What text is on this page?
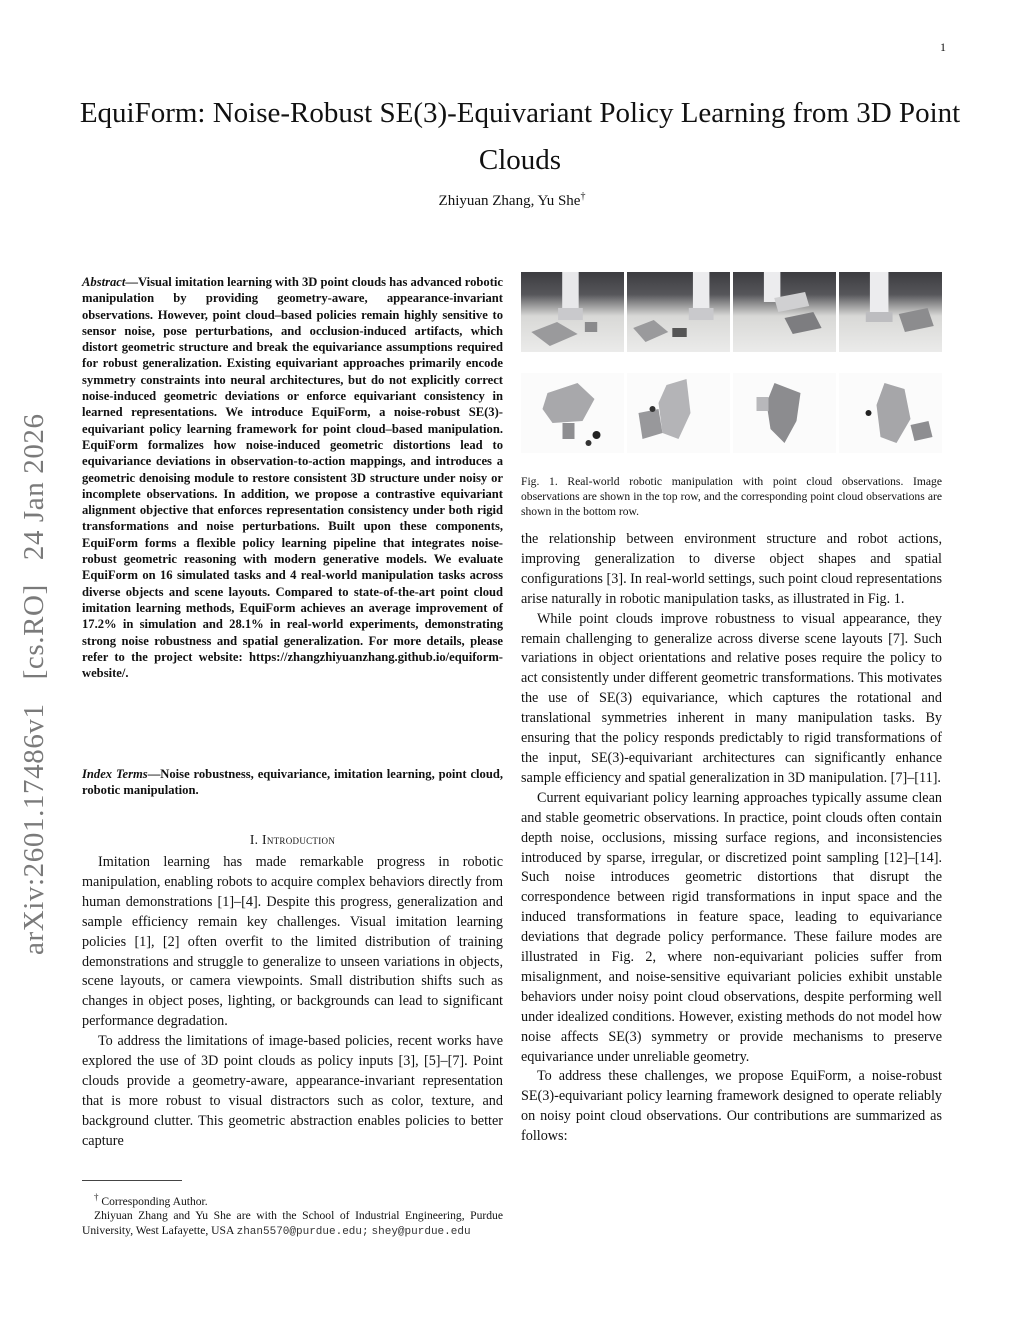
1
arXiv:2601.17486v1
[cs.RO]
24 Jan 2026
EquiForm: Noise-Robust SE(3)-Equivariant Policy Learning from 3D Point Clouds
Zhiyuan Zhang, Yu She†
Abstract—Visual imitation learning with 3D point clouds has advanced robotic manipulation by providing geometry-aware, appearance-invariant observations. However, point cloud–based policies remain highly sensitive to sensor noise, pose perturbations, and occlusion-induced artifacts, which distort geometric structure and break the equivariance assumptions required for robust generalization. Existing equivariant approaches primarily encode symmetry constraints into neural architectures, but do not explicitly correct noise-induced geometric deviations or enforce equivariant consistency in learned representations. We introduce EquiForm, a noise-robust SE(3)-equivariant policy learning framework for point cloud–based manipulation. EquiForm formalizes how noise-induced geometric distortions lead to equivariance deviations in observation-to-action mappings, and introduces a geometric denoising module to restore consistent 3D structure under noisy or incomplete observations. In addition, we propose a contrastive equivariant alignment objective that enforces representation consistency under both rigid transformations and noise perturbations. Built upon these components, EquiForm forms a flexible policy learning pipeline that integrates noise-robust geometric reasoning with modern generative models. We evaluate EquiForm on 16 simulated tasks and 4 real-world manipulation tasks across diverse objects and scene layouts. Compared to state-of-the-art point cloud imitation learning methods, EquiForm achieves an average improvement of 17.2% in simulation and 28.1% in real-world experiments, demonstrating strong noise robustness and spatial generalization. For more details, please refer to the project website: https://zhangzhiyuanzhang.github.io/equiform-website/.
Index Terms—Noise robustness, equivariance, imitation learning, point cloud, robotic manipulation.
I. Introduction

Imitation learning has made remarkable progress in robotic manipulation, enabling robots to acquire complex behaviors directly from human demonstrations [1]–[4]. Despite this progress, generalization and sample efficiency remain key challenges. Visual imitation learning policies [1], [2] often overfit to the limited distribution of training demonstrations and struggle to generalize to unseen variations in objects, scene layouts, or camera viewpoints. Small distribution shifts such as changes in object poses, lighting, or backgrounds can lead to significant performance degradation.

To address the limitations of image-based policies, recent works have explored the use of 3D point clouds as policy inputs [3], [5]–[7]. Point clouds provide a geometry-aware, appearance-invariant representation that is more robust to visual distractors such as color, texture, and background clutter. This geometric abstraction enables policies to better capture

† Corresponding Author.
Zhiyuan Zhang and Yu She are with the School of Industrial Engineering, Purdue University, West Lafayette, USA zhan5570@purdue.edu; shey@purdue.edu
Fig. 1. Real-world robotic manipulation with point cloud observations. Image observations are shown in the top row, and the corresponding point cloud observations are shown in the bottom row.

the relationship between environment structure and robot actions, improving generalization to diverse object shapes and spatial configurations [3]. In real-world settings, such point cloud representations arise naturally in robotic manipulation tasks, as illustrated in Fig. 1.

While point clouds improve robustness to visual appearance, they remain challenging to generalize across diverse scene layouts [7]. Such variations in object orientations and relative poses require the policy to act consistently under different geometric transformations. This motivates the use of SE(3) equivariance, which captures the rotational and translational symmetries inherent in many manipulation tasks. By ensuring that the policy responds predictably to rigid transformations of the input, SE(3)-equivariant architectures can significantly enhance sample efficiency and spatial generalization in 3D manipulation. [7]–[11].

Current equivariant policy learning approaches typically assume clean and stable geometric observations. In practice, point clouds often contain depth noise, occlusions, missing surface regions, and inconsistencies introduced by sparse, irregular, or discretized point sampling [12]–[14]. Such noise introduces geometric distortions that disrupt the correspondence between rigid transformations in input space and the induced transformations in feature space, leading to equivariance deviations that degrade policy performance. These failure modes are illustrated in Fig. 2, where non-equivariant policies suffer from misalignment, and noise-sensitive equivariant policies exhibit unstable behaviors under noisy point cloud observations, despite performing well under idealized conditions. However, existing methods do not model how noise affects SE(3) symmetry or provide mechanisms to preserve equivariance under unreliable geometry.

To address these challenges, we propose EquiForm, a noise-robust SE(3)-equivariant policy learning framework designed to operate reliably on noisy point cloud observations. Our contributions are summarized as follows:
